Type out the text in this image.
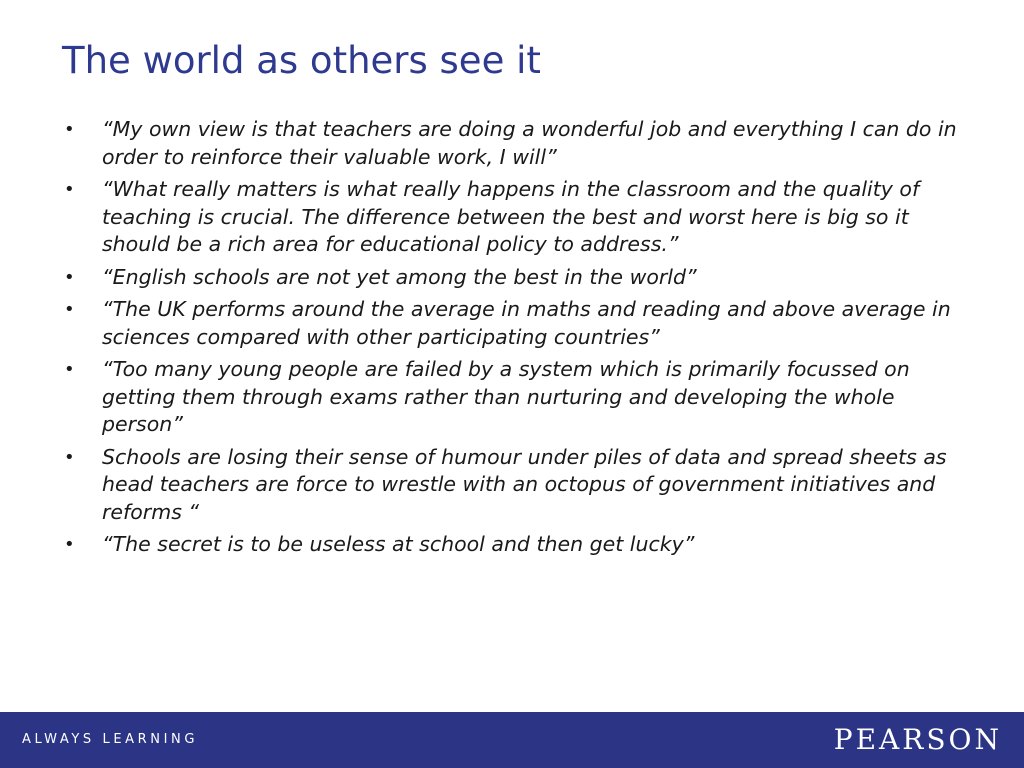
The world as others see it
• “My own view is that teachers are doing a wonderful job and everything I can do in order to reinforce their valuable work, I will”
• “What really matters is what really happens in the classroom and the quality of teaching is crucial. The difference between the best and worst here is big so it should be a rich area for educational policy to address.”
• “English schools are not yet among the best in the world”
• “The UK performs around the average in maths and reading and above average in sciences compared with other participating countries”
• “Too many young people are failed by a system which is primarily focussed on getting them through exams rather than nurturing and developing the whole person”
• Schools are losing their sense of humour under piles of data and spread sheets as head teachers are force to wrestle with an octopus of government initiatives and reforms “
• “The secret is to be useless at school and then get lucky”
ALWAYS LEARNING	PEARSON
